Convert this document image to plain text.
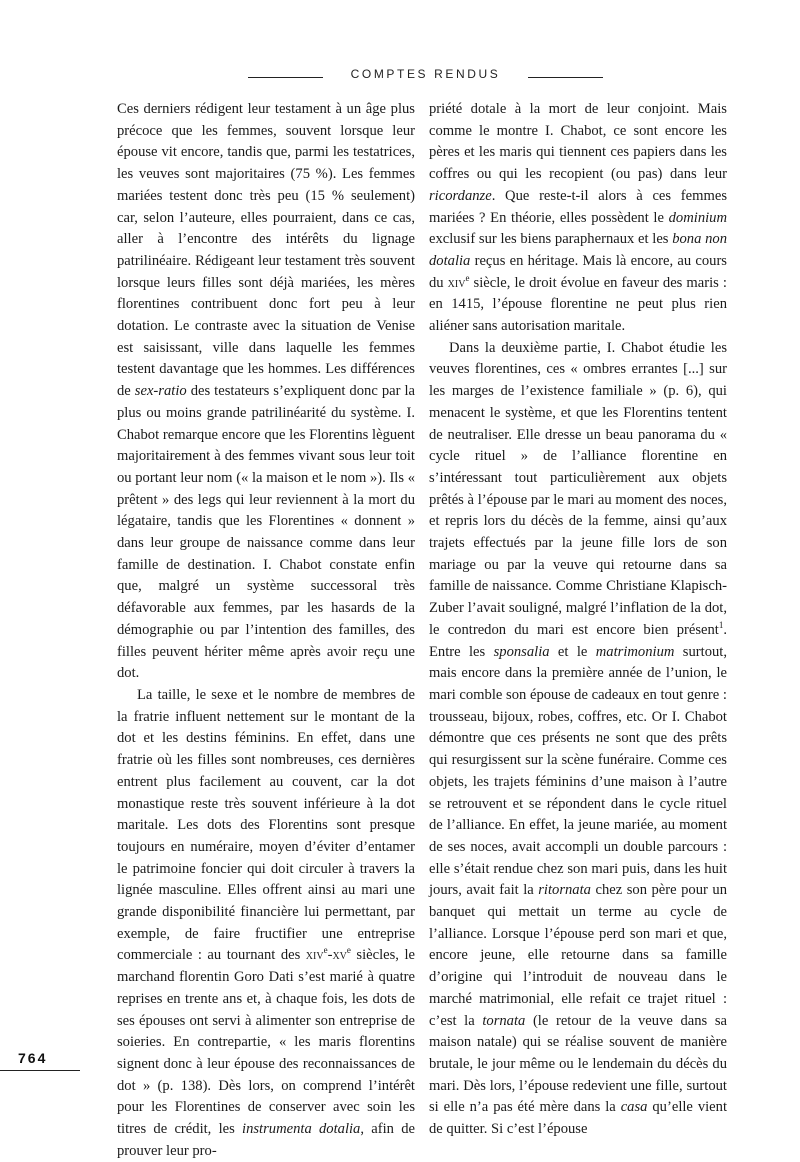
COMPTES RENDUS

Ces derniers rédigent leur testament à un âge plus précoce que les femmes, souvent lorsque leur épouse vit encore, tandis que, parmi les testatrices, les veuves sont majoritaires (75 %). Les femmes mariées testent donc très peu (15 % seulement) car, selon l’auteure, elles pourraient, dans ce cas, aller à l’encontre des intérêts du lignage patrilinéaire. Rédigeant leur testament très souvent lorsque leurs filles sont déjà mariées, les mères florentines contribuent donc fort peu à leur dotation. Le contraste avec la situation de Venise est saisissant, ville dans laquelle les femmes testent davantage que les hommes. Les différences de sex-ratio des testateurs s’expliquent donc par la plus ou moins grande patrilinéarité du système. I. Chabot remarque encore que les Florentins lèguent majoritairement à des femmes vivant sous leur toit ou portant leur nom (« la maison et le nom »). Ils « prêtent » des legs qui leur reviennent à la mort du légataire, tandis que les Florentines « donnent » dans leur groupe de naissance comme dans leur famille de destination. I. Chabot constate enfin que, malgré un système successoral très défavorable aux femmes, par les hasards de la démographie ou par l’intention des familles, des filles peuvent hériter même après avoir reçu une dot.

La taille, le sexe et le nombre de membres de la fratrie influent nettement sur le montant de la dot et les destins féminins. En effet, dans une fratrie où les filles sont nombreuses, ces dernières entrent plus facilement au couvent, car la dot monastique reste très souvent inférieure à la dot maritale. Les dots des Florentins sont presque toujours en numéraire, moyen d’éviter d’entamer le patrimoine foncier qui doit circuler à travers la lignée masculine. Elles offrent ainsi au mari une grande disponibilité financière lui permettant, par exemple, de faire fructifier une entreprise commerciale : au tournant des $xiv^e-xv^e$ siècles, le marchand florentin Goro Dati s’est marié à quatre reprises en trente ans et, à chaque fois, les dots de ses épouses ont servi à alimenter son entreprise de soieries. En contrepartie, « les maris florentins signent donc à leur épouse des reconnaissances de dot » (p. 138). Dès lors, on comprend l’intérêt pour les Florentines de conserver avec soin les titres de crédit, les instrumenta dotalia, afin de prouver leur pro-

priété dotale à la mort de leur conjoint. Mais comme le montre I. Chabot, ce sont encore les pères et les maris qui tiennent ces papiers dans les coffres ou qui les recopient (ou pas) dans leur ricordanze. Que reste-t-il alors à ces femmes mariées ? En théorie, elles possèdent le dominium exclusif sur les biens paraphernaux et les bona non dotalia reçus en héritage. Mais là encore, au cours du xiv$^e$ siècle, le droit évolue en faveur des maris : en 1415, l’épouse florentine ne peut plus rien aliéner sans autorisation maritale.

Dans la deuxième partie, I. Chabot étudie les veuves florentines, ces « ombres errantes [...] sur les marges de l’existence familiale » (p. 6), qui menacent le système, et que les Florentins tentent de neutraliser. Elle dresse un beau panorama du « cycle rituel » de l’alliance florentine en s’intéressant tout particulièrement aux objets prêtés à l’épouse par le mari au moment des noces, et repris lors du décès de la femme, ainsi qu’aux trajets effectués par la jeune fille lors de son mariage ou par la veuve qui retourne dans sa famille de naissance. Comme Christiane Klapisch-Zuber l’avait souligné, malgré l’inflation de la dot, le contredon du mari est encore bien présent$^1$. Entre les sponsalia et le matrimonium surtout, mais encore dans la première année de l’union, le mari comble son épouse de cadeaux en tout genre : trousseau, bijoux, robes, coffres, etc. Or I. Chabot démontre que ces présents ne sont que des prêts qui resurgissent sur la scène funéraire. Comme ces objets, les trajets féminins d’une maison à l’autre se retrouvent et se répondent dans le cycle rituel de l’alliance. En effet, la jeune mariée, au moment de ses noces, avait accompli un double parcours : elle s’était rendue chez son mari puis, dans les huit jours, avait fait la ritornata chez son père pour un banquet qui mettait un terme au cycle de l’alliance. Lorsque l’épouse perd son mari et que, encore jeune, elle retourne dans sa famille d’origine qui l’introduit de nouveau dans le marché matrimonial, elle refait ce trajet rituel : c’est la tornata (le retour de la veuve dans sa maison natale) qui se réalise souvent de manière brutale, le jour même ou le lendemain du décès du mari. Dès lors, l’épouse redevient une fille, surtout si elle n’a pas été mère dans la casa qu’elle vient de quitter. Si c’est l’épouse

764
